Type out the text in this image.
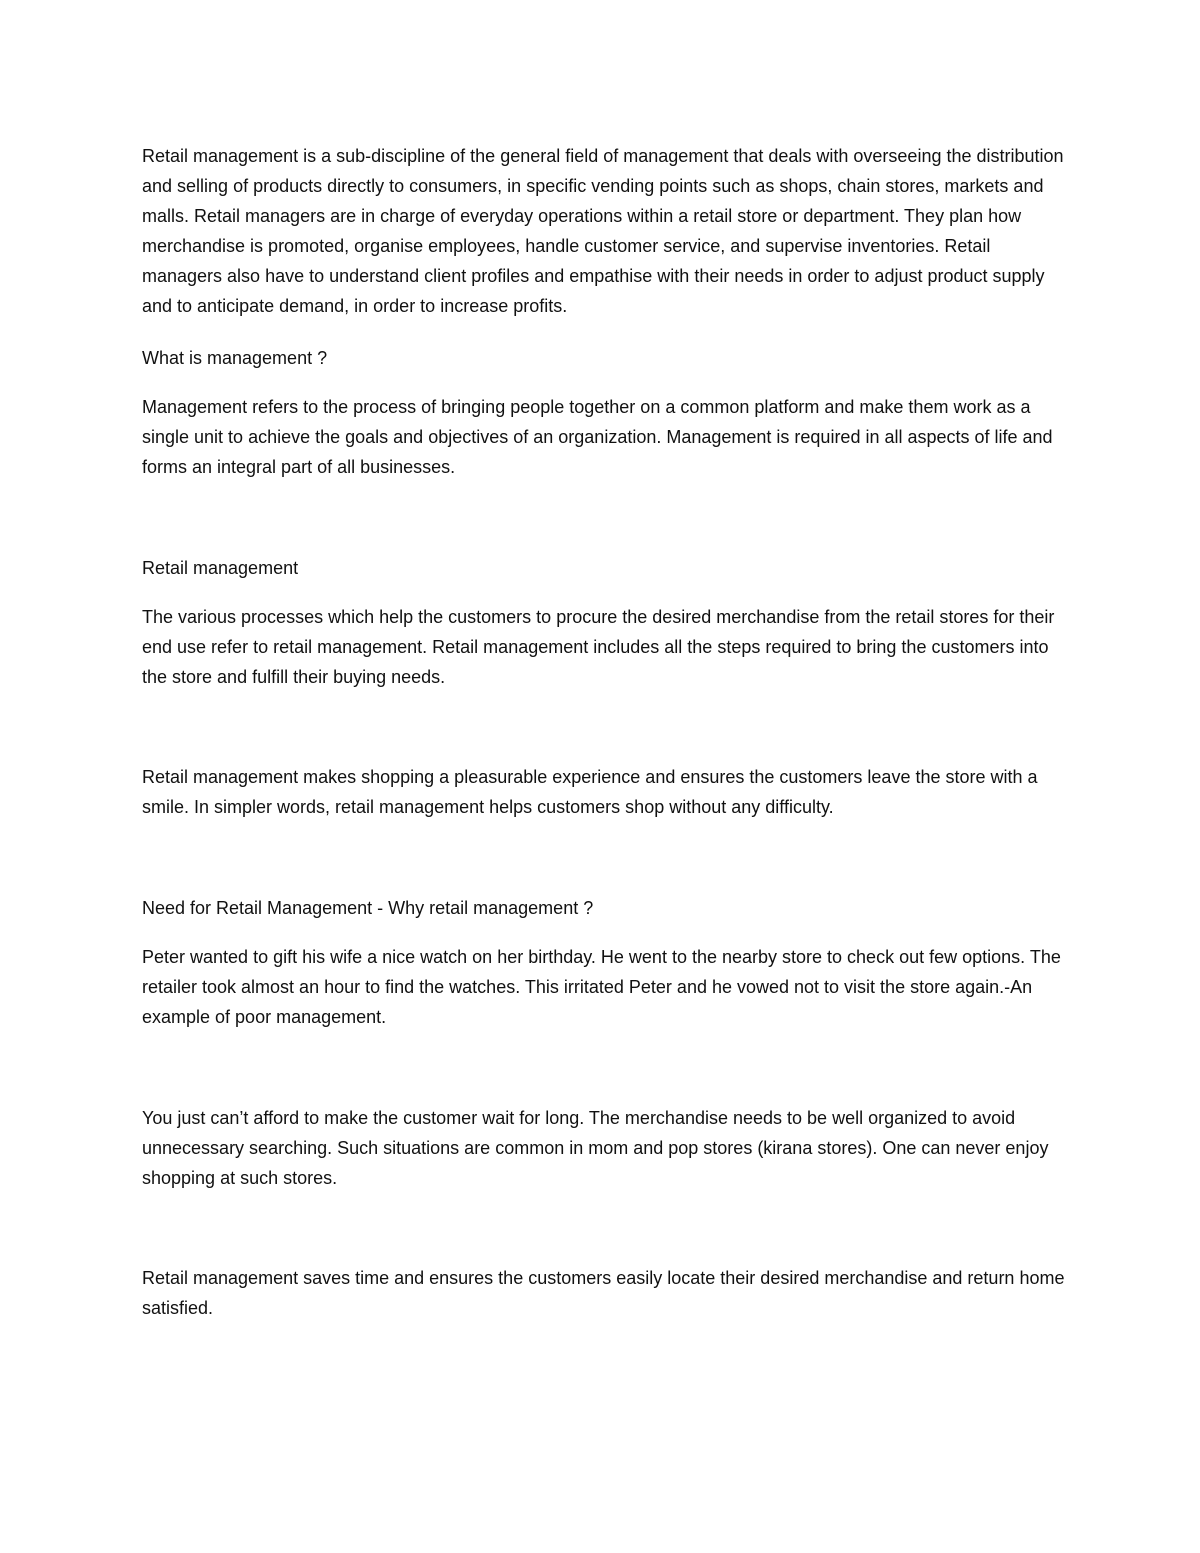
Retail management is a sub-discipline of the general field of management that deals with overseeing the distribution and selling of products directly to consumers, in specific vending points such as shops, chain stores, markets and malls. Retail managers are in charge of everyday operations within a retail store or department. They plan how merchandise is promoted, organise employees, handle customer service, and supervise inventories. Retail managers also have to understand client profiles and empathise with their needs in order to adjust product supply and to anticipate demand, in order to increase profits.

What is management ?

Management refers to the process of bringing people together on a common platform and make them work as a single unit to achieve the goals and objectives of an organization. Management is required in all aspects of life and forms an integral part of all businesses.

Retail management

The various processes which help the customers to procure the desired merchandise from the retail stores for their end use refer to retail management. Retail management includes all the steps required to bring the customers into the store and fulfill their buying needs.

Retail management makes shopping a pleasurable experience and ensures the customers leave the store with a smile. In simpler words, retail management helps customers shop without any difficulty.

Need for Retail Management - Why retail management ?

Peter wanted to gift his wife a nice watch on her birthday. He went to the nearby store to check out few options. The retailer took almost an hour to find the watches. This irritated Peter and he vowed not to visit the store again.-An example of poor management.

You just can’t afford to make the customer wait for long. The merchandise needs to be well organized to avoid unnecessary searching. Such situations are common in mom and pop stores (kirana stores). One can never enjoy shopping at such stores.

Retail management saves time and ensures the customers easily locate their desired merchandise and return home satisfied.
